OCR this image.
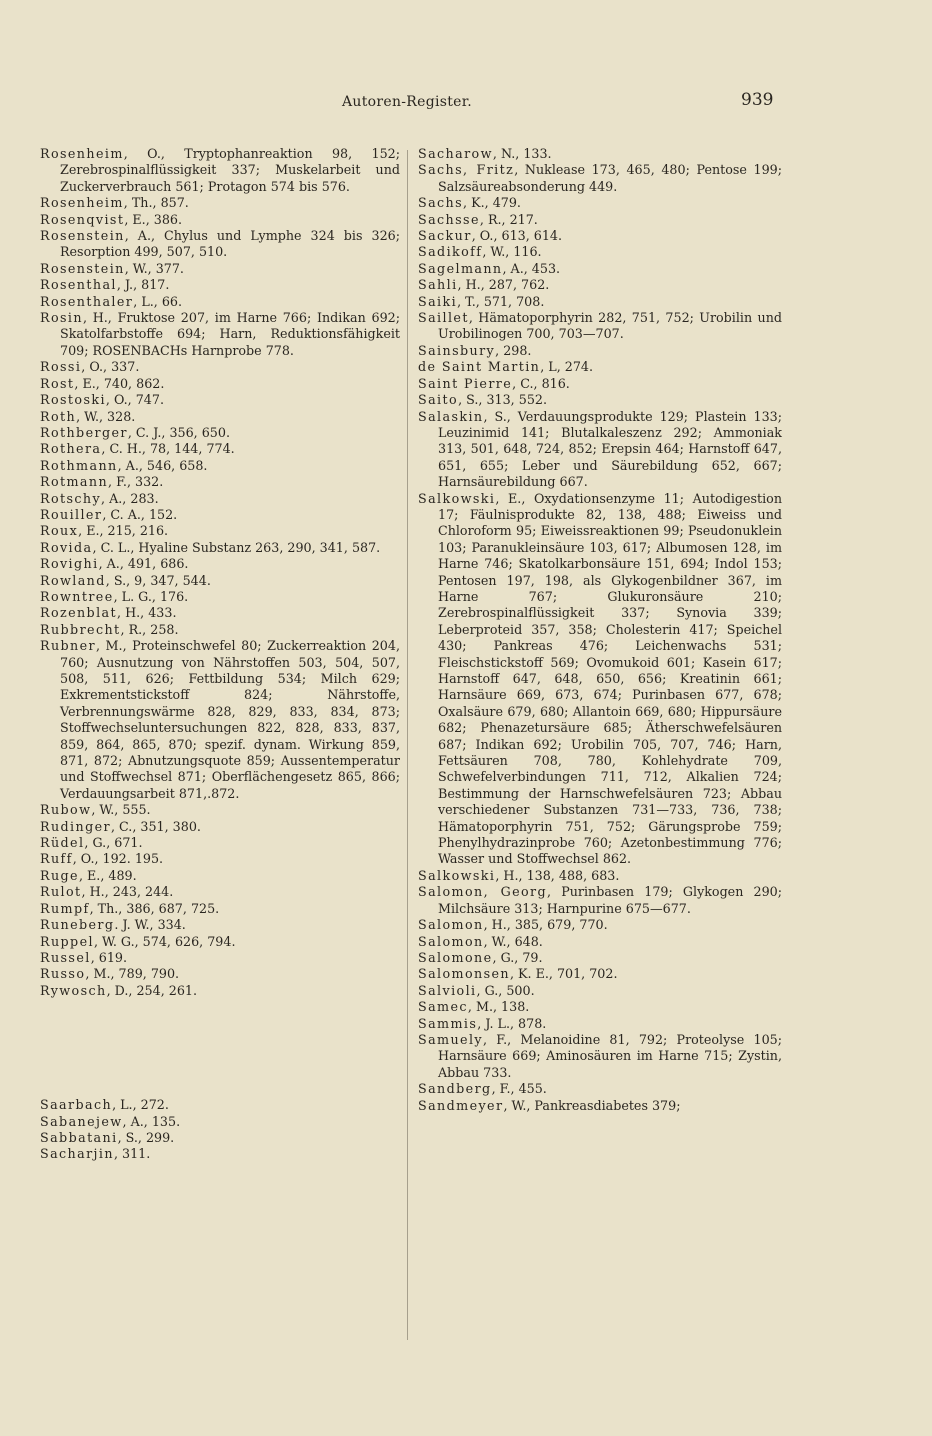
Autoren-Register.	939

Rosenheim, O., Tryptophanreaktion 98, 152; Zerebrospinalflüssigkeit 337; Muskelarbeit und Zuckerverbrauch 561; Protagon 574 bis 576.

Rosenheim, Th., 857.

Rosenqvist, E., 386.

Rosenstein, A., Chylus und Lymphe 324 bis 326; Resorption 499, 507, 510.

Rosenstein, W., 377.

Rosenthal, J., 817.

Rosenthaler, L., 66.

Rosin, H., Fruktose 207, im Harne 766; Indikan 692; Skatolfarbstoffe 694; Harn, Reduktionsfähigkeit 709; ROSENBACHs Harnprobe 778.

Rossi, O., 337.

Rost, E., 740, 862.

Rostoski, O., 747.

Roth, W., 328.

Rothberger, C. J., 356, 650.

Rothera, C. H., 78, 144, 774.

Rothmann, A., 546, 658.

Rotmann, F., 332.

Rotschy, A., 283.

Rouiller, C. A., 152.

Roux, E., 215, 216.

Rovida, C. L., Hyaline Substanz 263, 290, 341, 587.

Rovighi, A., 491, 686.

Rowland, S., 9, 347, 544.

Rowntree, L. G., 176.

Rozenblat, H., 433.

Rubbrecht, R., 258.

Rubner, M., Proteinschwefel 80; Zuckerreaktion 204, 760; Ausnutzung von Nährstoffen 503, 504, 507, 508, 511, 626; Fettbildung 534; Milch 629; Exkrementstickstoff 824; Nährstoffe, Verbrennungswärme 828, 829, 833, 834, 873; Stoffwechseluntersuchungen 822, 828, 833, 837, 859, 864, 865, 870; spezif. dynam. Wirkung 859, 871, 872; Abnutzungsquote 859; Aussentemperatur und Stoffwechsel 871; Oberflächengesetz 865, 866; Verdauungsarbeit 871,.872.

Rubow, W., 555.

Rudinger, C., 351, 380.

Rüdel, G., 671.

Ruff, O., 192. 195.

Ruge, E., 489.

Rulot, H., 243, 244.

Rumpf, Th., 386, 687, 725.

Runeberg. J. W., 334.

Ruppel, W. G., 574, 626, 794.

Russel, 619.

Russo, M., 789, 790.

Rywosch, D., 254, 261.

Saarbach, L., 272.

Sabanejew, A., 135.

Sabbatani, S., 299.

Sacharjin, 311.

Sacharow, N., 133.

Sachs, Fritz, Nuklease 173, 465, 480; Pentose 199; Salzsäureabsonderung 449.

Sachs, K., 479.

Sachsse, R., 217.

Sackur, O., 613, 614.

Sadikoff, W., 116.

Sagelmann, A., 453.

Sahli, H., 287, 762.

Saiki, T., 571, 708.

Saillet, Hämatoporphyrin 282, 751, 752; Urobilin und Urobilinogen 700, 703—707.

Sainsbury, 298.

de Saint Martin, L, 274.

Saint Pierre, C., 816.

Saito, S., 313, 552.

Salaskin, S., Verdauungsprodukte 129; Plastein 133; Leuzinimid 141; Blutalkaleszenz 292; Ammoniak 313, 501, 648, 724, 852; Erepsin 464; Harnstoff 647, 651, 655; Leber und Säurebildung 652, 667; Harnsäurebildung 667.

Salkowski, E., Oxydationsenzyme 11; Autodigestion 17; Fäulnisprodukte 82, 138, 488; Eiweiss und Chloroform 95; Eiweissreaktionen 99; Pseudonuklein 103; Paranukleinsäure 103, 617; Albumosen 128, im Harne 746; Skatolkarbonsäure 151, 694; Indol 153; Pentosen 197, 198, als Glykogenbildner 367, im Harne 767; Glukuronsäure 210; Zerebrospinalflüssigkeit 337; Synovia 339; Leberproteid 357, 358; Cholesterin 417; Speichel 430; Pankreas 476; Leichenwachs 531; Fleischstickstoff 569; Ovomukoid 601; Kasein 617; Harnstoff 647, 648, 650, 656; Kreatinin 661; Harnsäure 669, 673, 674; Purinbasen 677, 678; Oxalsäure 679, 680; Allantoin 669, 680; Hippursäure 682; Phenazetursäure 685; Ätherschwefelsäuren 687; Indikan 692; Urobilin 705, 707, 746; Harn, Fettsäuren 708, 780, Kohlehydrate 709, Schwefelverbindungen 711, 712, Alkalien 724; Bestimmung der Harnschwefelsäuren 723; Abbau verschiedener Substanzen 731—733, 736, 738; Hämatoporphyrin 751, 752; Gärungsprobe 759; Phenylhydrazinprobe 760; Azetonbestimmung 776; Wasser und Stoffwechsel 862.

Salkowski, H., 138, 488, 683.

Salomon, Georg, Purinbasen 179; Glykogen 290; Milchsäure 313; Harnpurine 675—677.

Salomon, H., 385, 679, 770.

Salomon, W., 648.

Salomone, G., 79.

Salomonsen, K. E., 701, 702.

Salvioli, G., 500.

Samec, M., 138.

Sammis, J. L., 878.

Samuely, F., Melanoidine 81, 792; Proteolyse 105; Harnsäure 669; Aminosäuren im Harne 715; Zystin, Abbau 733.

Sandberg, F., 455.

Sandmeyer, W., Pankreasdiabetes 379;
